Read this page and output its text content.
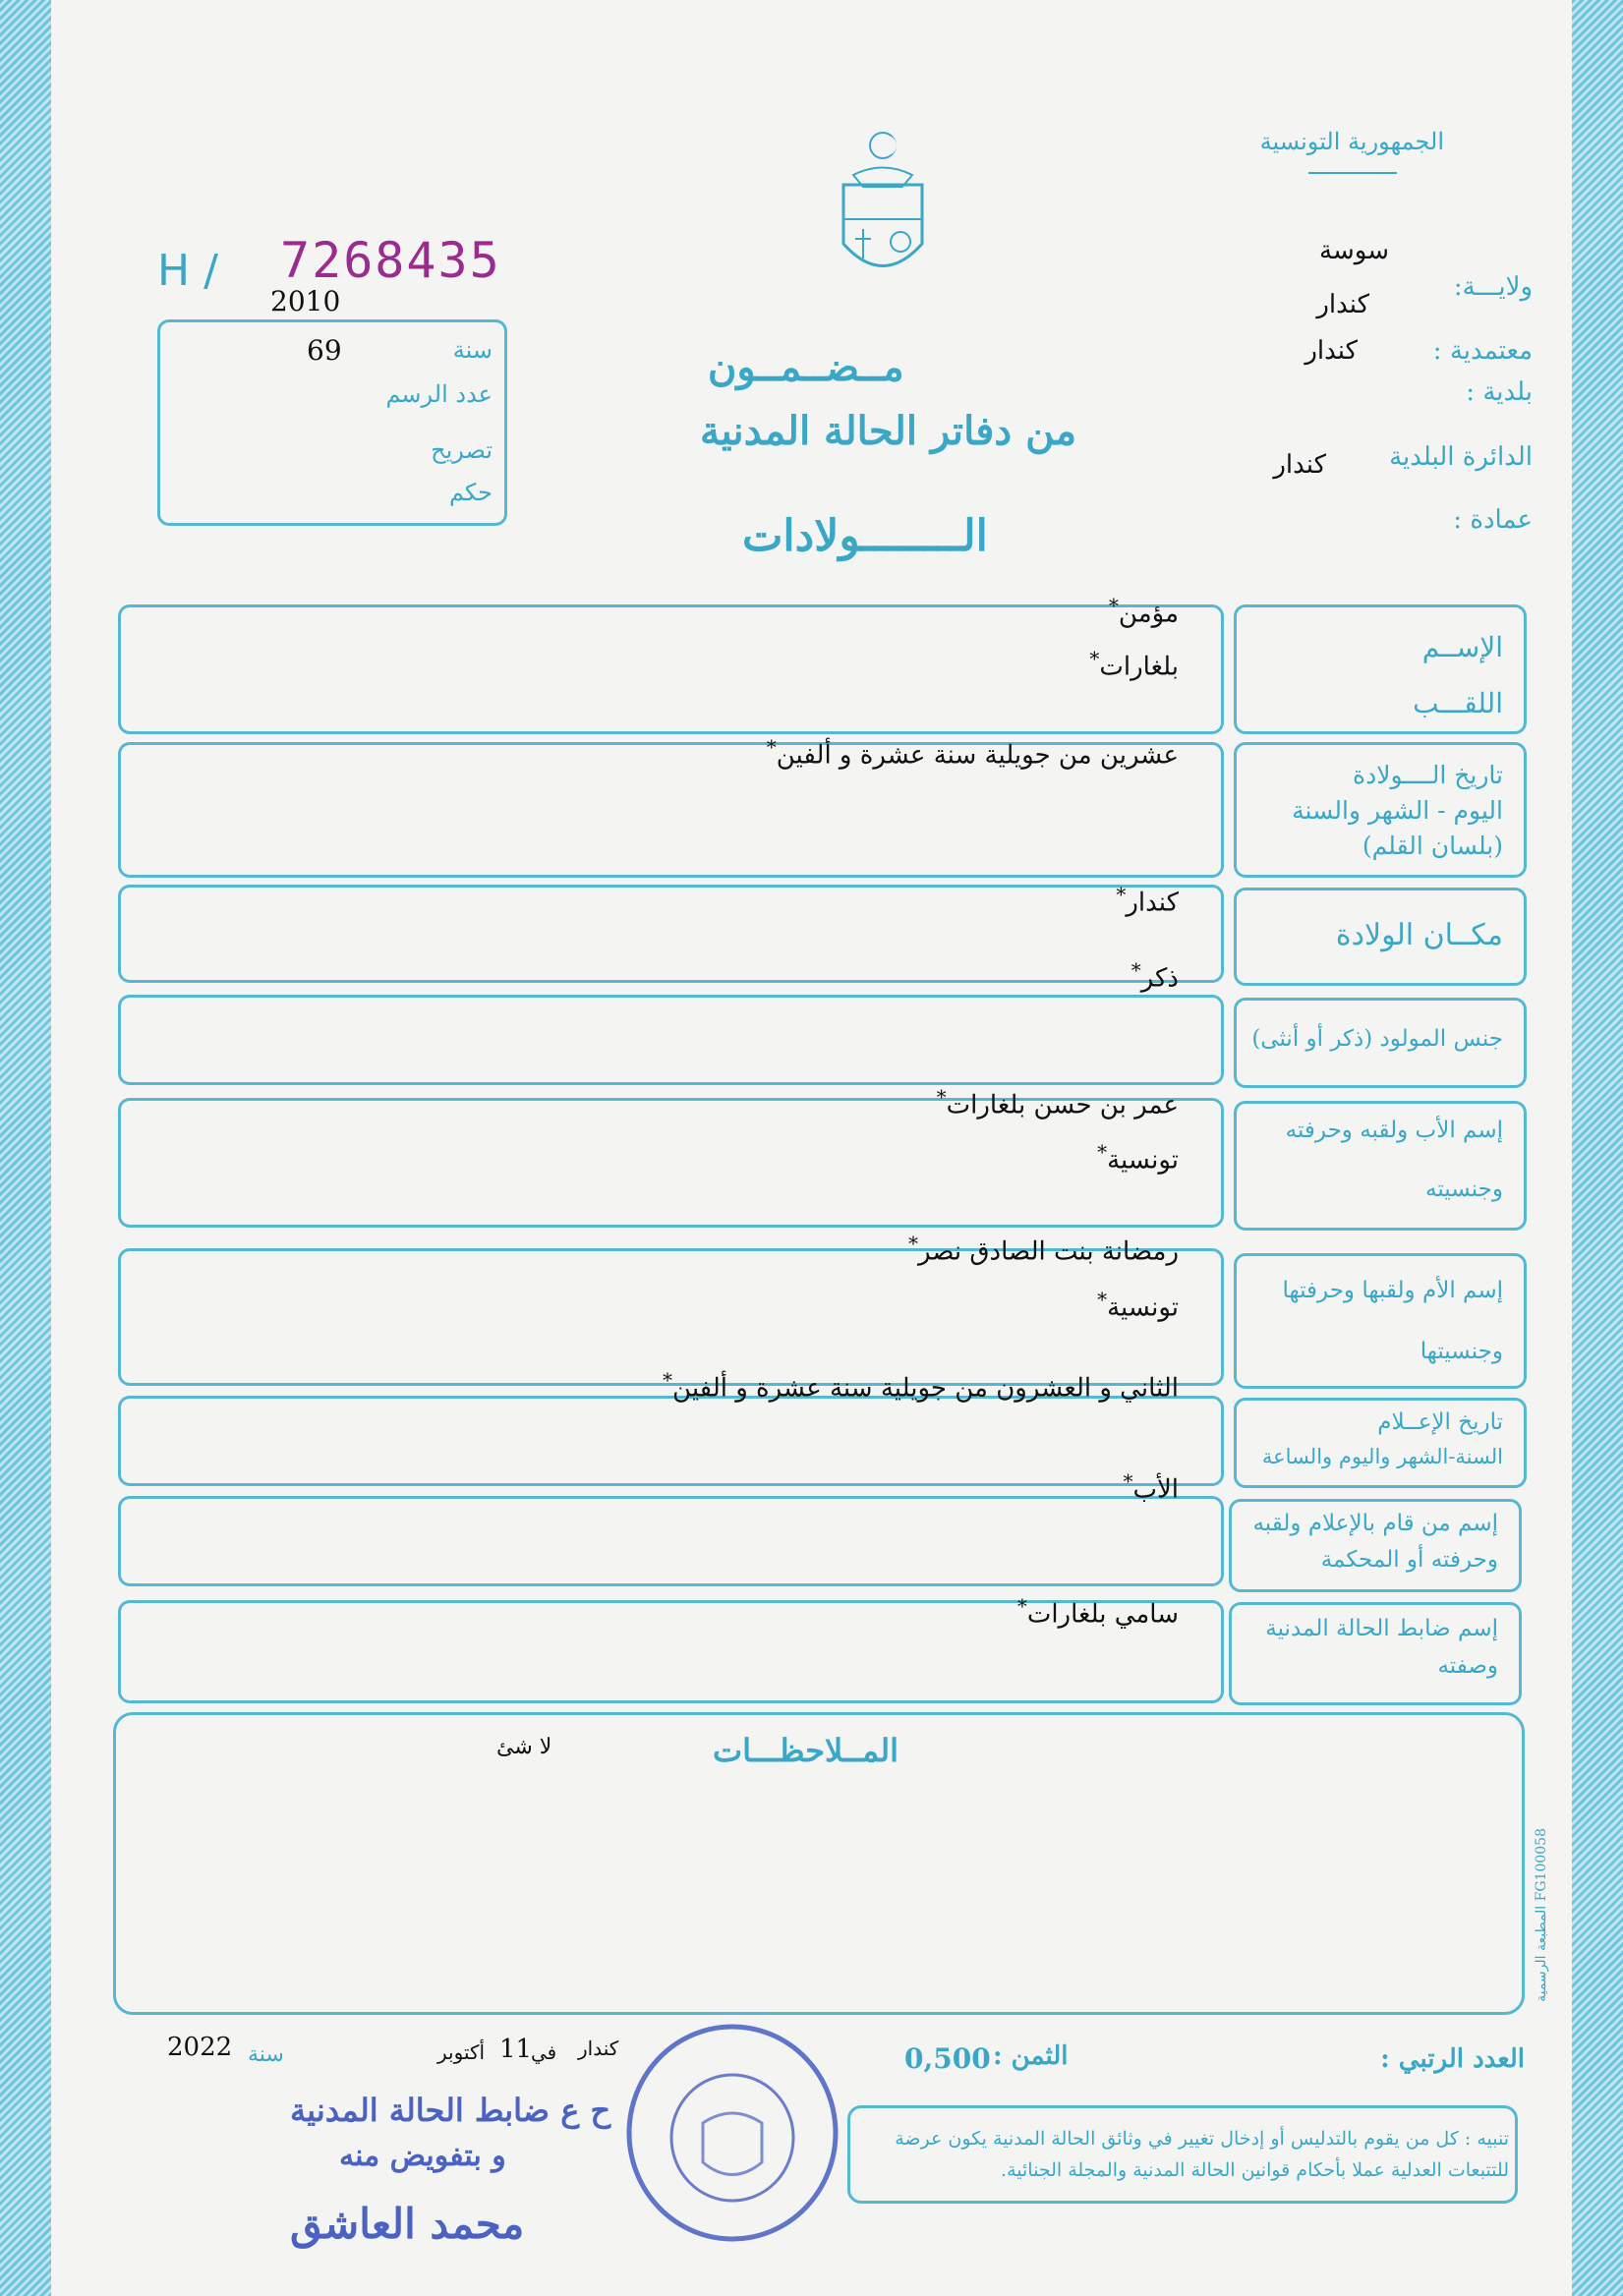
الجمهورية التونسية
H / 7268435
2010
سنة
69
عدد الرسم
تصريح
حكم
مــضــمــون
من دفاتر الحالة المدنية
الــــــــولادات
ولايـــة:
سوسة
معتمدية :
كندار
بلدية :
كندار
الدائرة البلدية
كندار
عمادة :
الإســم
اللقـــب
مؤمن *
بلغارات *
تاريخ الــــولادة
اليوم - الشهر والسنة
(بلسان القلم)
عشرين من جويلية سنة عشرة و ألفين *
مكــان الولادة
كندار *
جنس المولود (ذكر أو أنثى)
ذكر *
إسم الأب ولقبه وحرفته
وجنسيته
عمر بن حسن بلغارات *
تونسية *
إسم الأم ولقبها وحرفتها
وجنسيتها
رمضانة بنت الصادق نصر *
تونسية *
تاريخ الإعــلام
السنة-الشهر واليوم والساعة
الثاني و العشرون من جويلية سنة عشرة و ألفين *
إسم من قام بالإعلام ولقبه
وحرفته أو المحكمة
الأب *
إسم ضابط الحالة المدنية
وصفته
سامي بلغارات *
المــلاحظـــات
لا شئ
المطبعة الرسمية FG100058
العدد الرتبي :
الثمن :
0,500
كندار
في
11
أكتوبر
سنة
2022
تنبيه : كل من يقوم بالتدليس أو إدخال تغيير في وثائق الحالة المدنية يكون عرضة للتتبعات العدلية عملا بأحكام قوانين الحالة المدنية والمجلة الجنائية.
ح ع ضابط الحالة المدنية
و بتفويض منه
محمد العاشق
